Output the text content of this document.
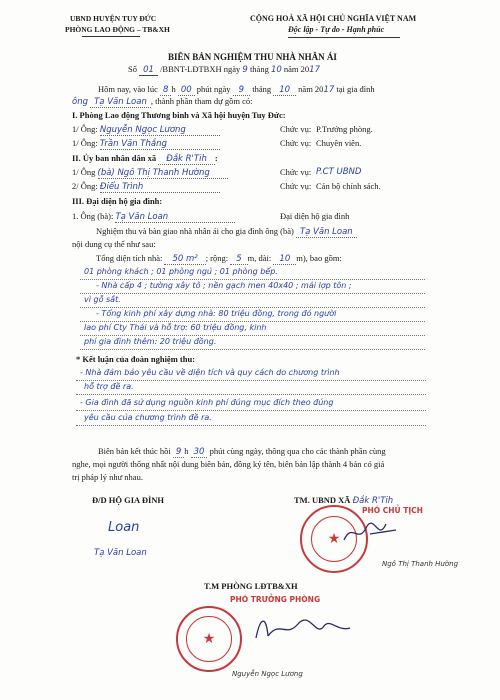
UBND HUYỆN TUY ĐỨC
PHÒNG LAO ĐỘNG – TB&XH
CỘNG HOÀ XÃ HỘI CHỦ NGHĨA VIỆT NAM
Độc lập - Tự do - Hạnh phúc
BIÊN BẢN NGHIỆM THU NHÀ NHÂN ÁI
Số 01 /BBNT-LĐTBXH ngày 9 tháng 10 năm 2017
Hôm nay, vào lúc 8 h 00 phút ngày 9 tháng 10 năm 2017 tại gia đình
ông Tạ Văn Loan , thành phần tham dự gồm có:
I. Phòng Lao động Thương binh và Xã hội huyện Tuy Đức:
1/ Ông: Nguyễn Ngọc Lương	Chức vụ: P.Trưởng phòng.
1/ Ông: Trần Văn Thắng	Chức vụ: Chuyên viên.
II. Ủy ban nhân dân xã Đắk R'Tih :
1/ Ông (bà) Ngô Thị Thanh Hường	Chức vụ: P.CT UBND
2/ Ông: Điểu Trình	Chức vụ: Cán bộ chính sách.
III. Đại diện hộ gia đình:
1. Ông (bà): Tạ Văn Loan	Đại diện hộ gia đình
Nghiệm thu và bàn giao nhà nhân ái cho gia đình ông (bà) Tạ Văn Loan
nội dung cụ thể như sau:
Tổng diện tích nhà: 50 m² ; rộng: 5 m, dài: 10 m), bao gồm:
01 phòng khách ; 01 phòng ngủ ; 01 phòng bếp.
- Nhà cấp 4 ; tường xây tô ; nền gạch men 40x40 ; mái lợp tôn ;
vì gỗ sắt.
- Tổng kinh phí xây dựng nhà: 80 triệu đồng, trong đó người
lao phí Cty Thái và hỗ trợ: 60 triệu đồng, kinh
phí gia đình thêm: 20 triệu đồng.
* Kết luận của đoàn nghiệm thu:
- Nhà đảm bảo yêu cầu về diện tích và quy cách do chương trình
hỗ trợ đề ra.
- Gia đình đã sử dụng nguồn kinh phí đúng mục đích theo đúng
yêu cầu của chương trình đề ra.
Biên bản kết thúc hồi 9 h 30 phút cùng ngày, thông qua cho các thành phần cùng
nghe, mọi người thống nhất nội dung biên bản, đồng ký tên, biên bản lập thành 4 bản có giá
trị pháp lý như nhau.
Đ/D HỘ GIA ĐÌNH	TM. UBND XÃ Đắk R'Tih
Loan
Tạ Văn Loan
★
PHÓ CHỦ TỊCH
Ngô Thị Thanh Hường
T.M PHÒNG LĐTB&XH
PHÓ TRƯỞNG PHÒNG
★
Nguyễn Ngọc Lương
